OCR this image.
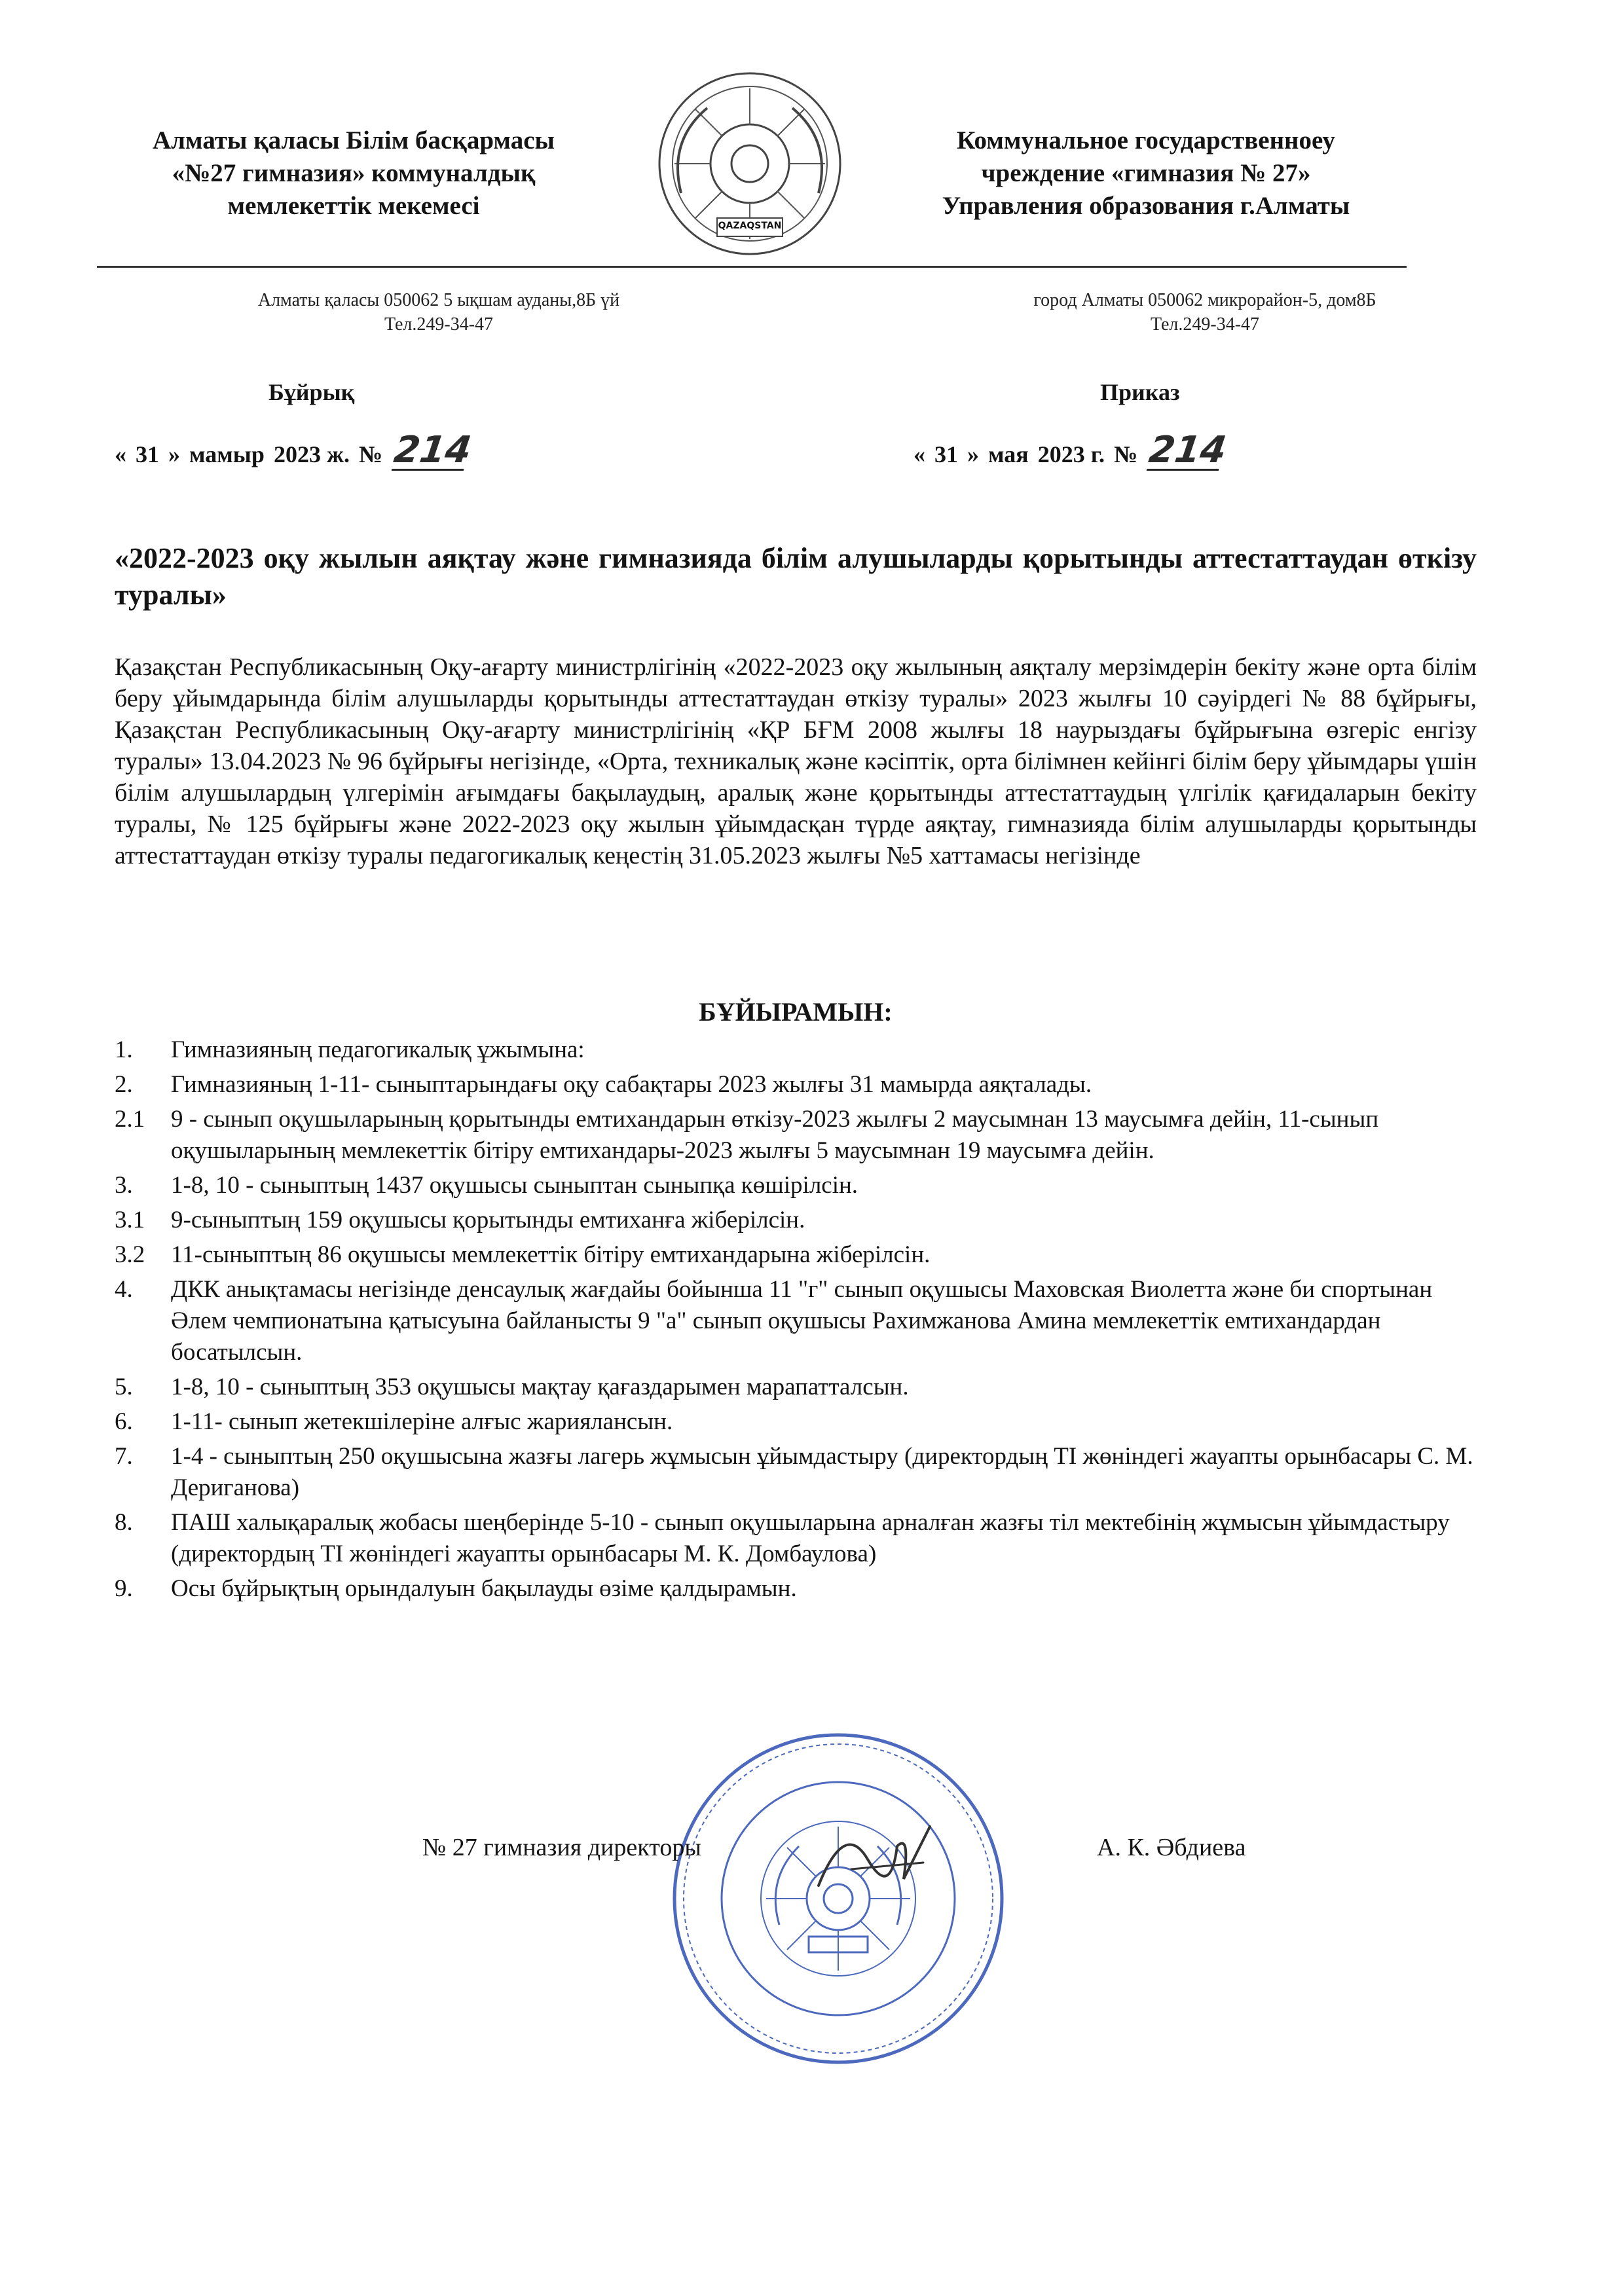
QAZAQSTAN
Алматы қаласы Білім басқармасы
«№27 гимназия» коммуналдық
мемлекеттік мекемесі
Коммунальное государственноеу
чреждение «гимназия № 27»
Управления образования г.Алматы
Алматы қаласы 050062 5 ықшам ауданы,8Б үй
Тел.249-34-47
город Алматы 050062 микрорайон-5, дом8Б
Тел.249-34-47
Бұйрық	Приказ
« 31 » мамыр 2023 ж. № 214	« 31 » мая 2023 г. № 214
«2022-2023 оқу жылын аяқтау және гимназияда білім алушыларды қорытынды аттестаттаудан өткізу туралы»
Қазақстан Республикасының Оқу-ағарту министрлігінің «2022-2023 оқу жылының аяқталу мерзімдерін бекіту және орта білім беру ұйымдарында білім алушыларды қорытынды аттестаттаудан өткізу туралы» 2023 жылғы 10 сәуірдегі № 88 бұйрығы, Қазақстан Республикасының Оқу-ағарту министрлігінің «ҚР БҒМ 2008 жылғы 18 наурыздағы бұйрығына өзгеріс енгізу туралы» 13.04.2023 № 96 бұйрығы негізінде, «Орта, техникалық және кәсіптік, орта білімнен кейінгі білім беру ұйымдары үшін білім алушылардың үлгерімін ағымдағы бақылаудың, аралық және қорытынды аттестаттаудың үлгілік қағидаларын бекіту туралы, № 125 бұйрығы және 2022-2023 оқу жылын ұйымдасқан түрде аяқтау, гимназияда білім алушыларды қорытынды аттестаттаудан өткізу туралы педагогикалық кеңестің 31.05.2023 жылғы №5 хаттамасы негізінде
БҰЙЫРАМЫН:
1.	Гимназияның педагогикалық ұжымына:
2.	Гимназияның 1-11- сыныптарындағы оқу сабақтары 2023 жылғы 31 мамырда аяқталады.
2.1	9 - сынып оқушыларының қорытынды емтихандарын өткізу-2023 жылғы 2 маусымнан 13 маусымға дейін, 11-сынып оқушыларының мемлекеттік бітіру емтихандары-2023 жылғы 5 маусымнан 19 маусымға дейін.
3.	1-8, 10 - сыныптың 1437 оқушысы сыныптан сыныпқа көшірілсін.
3.1	9-сыныптың 159 оқушысы қорытынды емтиханға жіберілсін.
3.2	11-сыныптың 86 оқушысы мемлекеттік бітіру емтихандарына жіберілсін.
4.	ДКК анықтамасы негізінде денсаулық жағдайы бойынша 11 "г" сынып оқушысы Маховская Виолетта және би спортынан Әлем чемпионатына қатысуына байланысты 9 "а" сынып оқушысы Рахимжанова Амина мемлекеттік емтихандардан босатылсын.
5.	1-8, 10 - сыныптың 353 оқушысы мақтау қағаздарымен марапатталсын.
6.	1-11- сынып жетекшілеріне алғыс жариялансын.
7.	1-4 - сыныптың 250 оқушысына жазғы лагерь жұмысын ұйымдастыру (директордың ТІ жөніндегі жауапты орынбасары С. М. Дериганова)
8.	ПАШ халықаралық жобасы шеңберінде 5-10 - сынып оқушыларына арналған жазғы тіл мектебінің жұмысын ұйымдастыру (директордың ТІ жөніндегі жауапты орынбасары М. К. Домбаулова)
9.	Осы бұйрықтың орындалуын бақылауды өзіме қалдырамын.
№ 27 гимназия директоры	А. К. Әбдиева
